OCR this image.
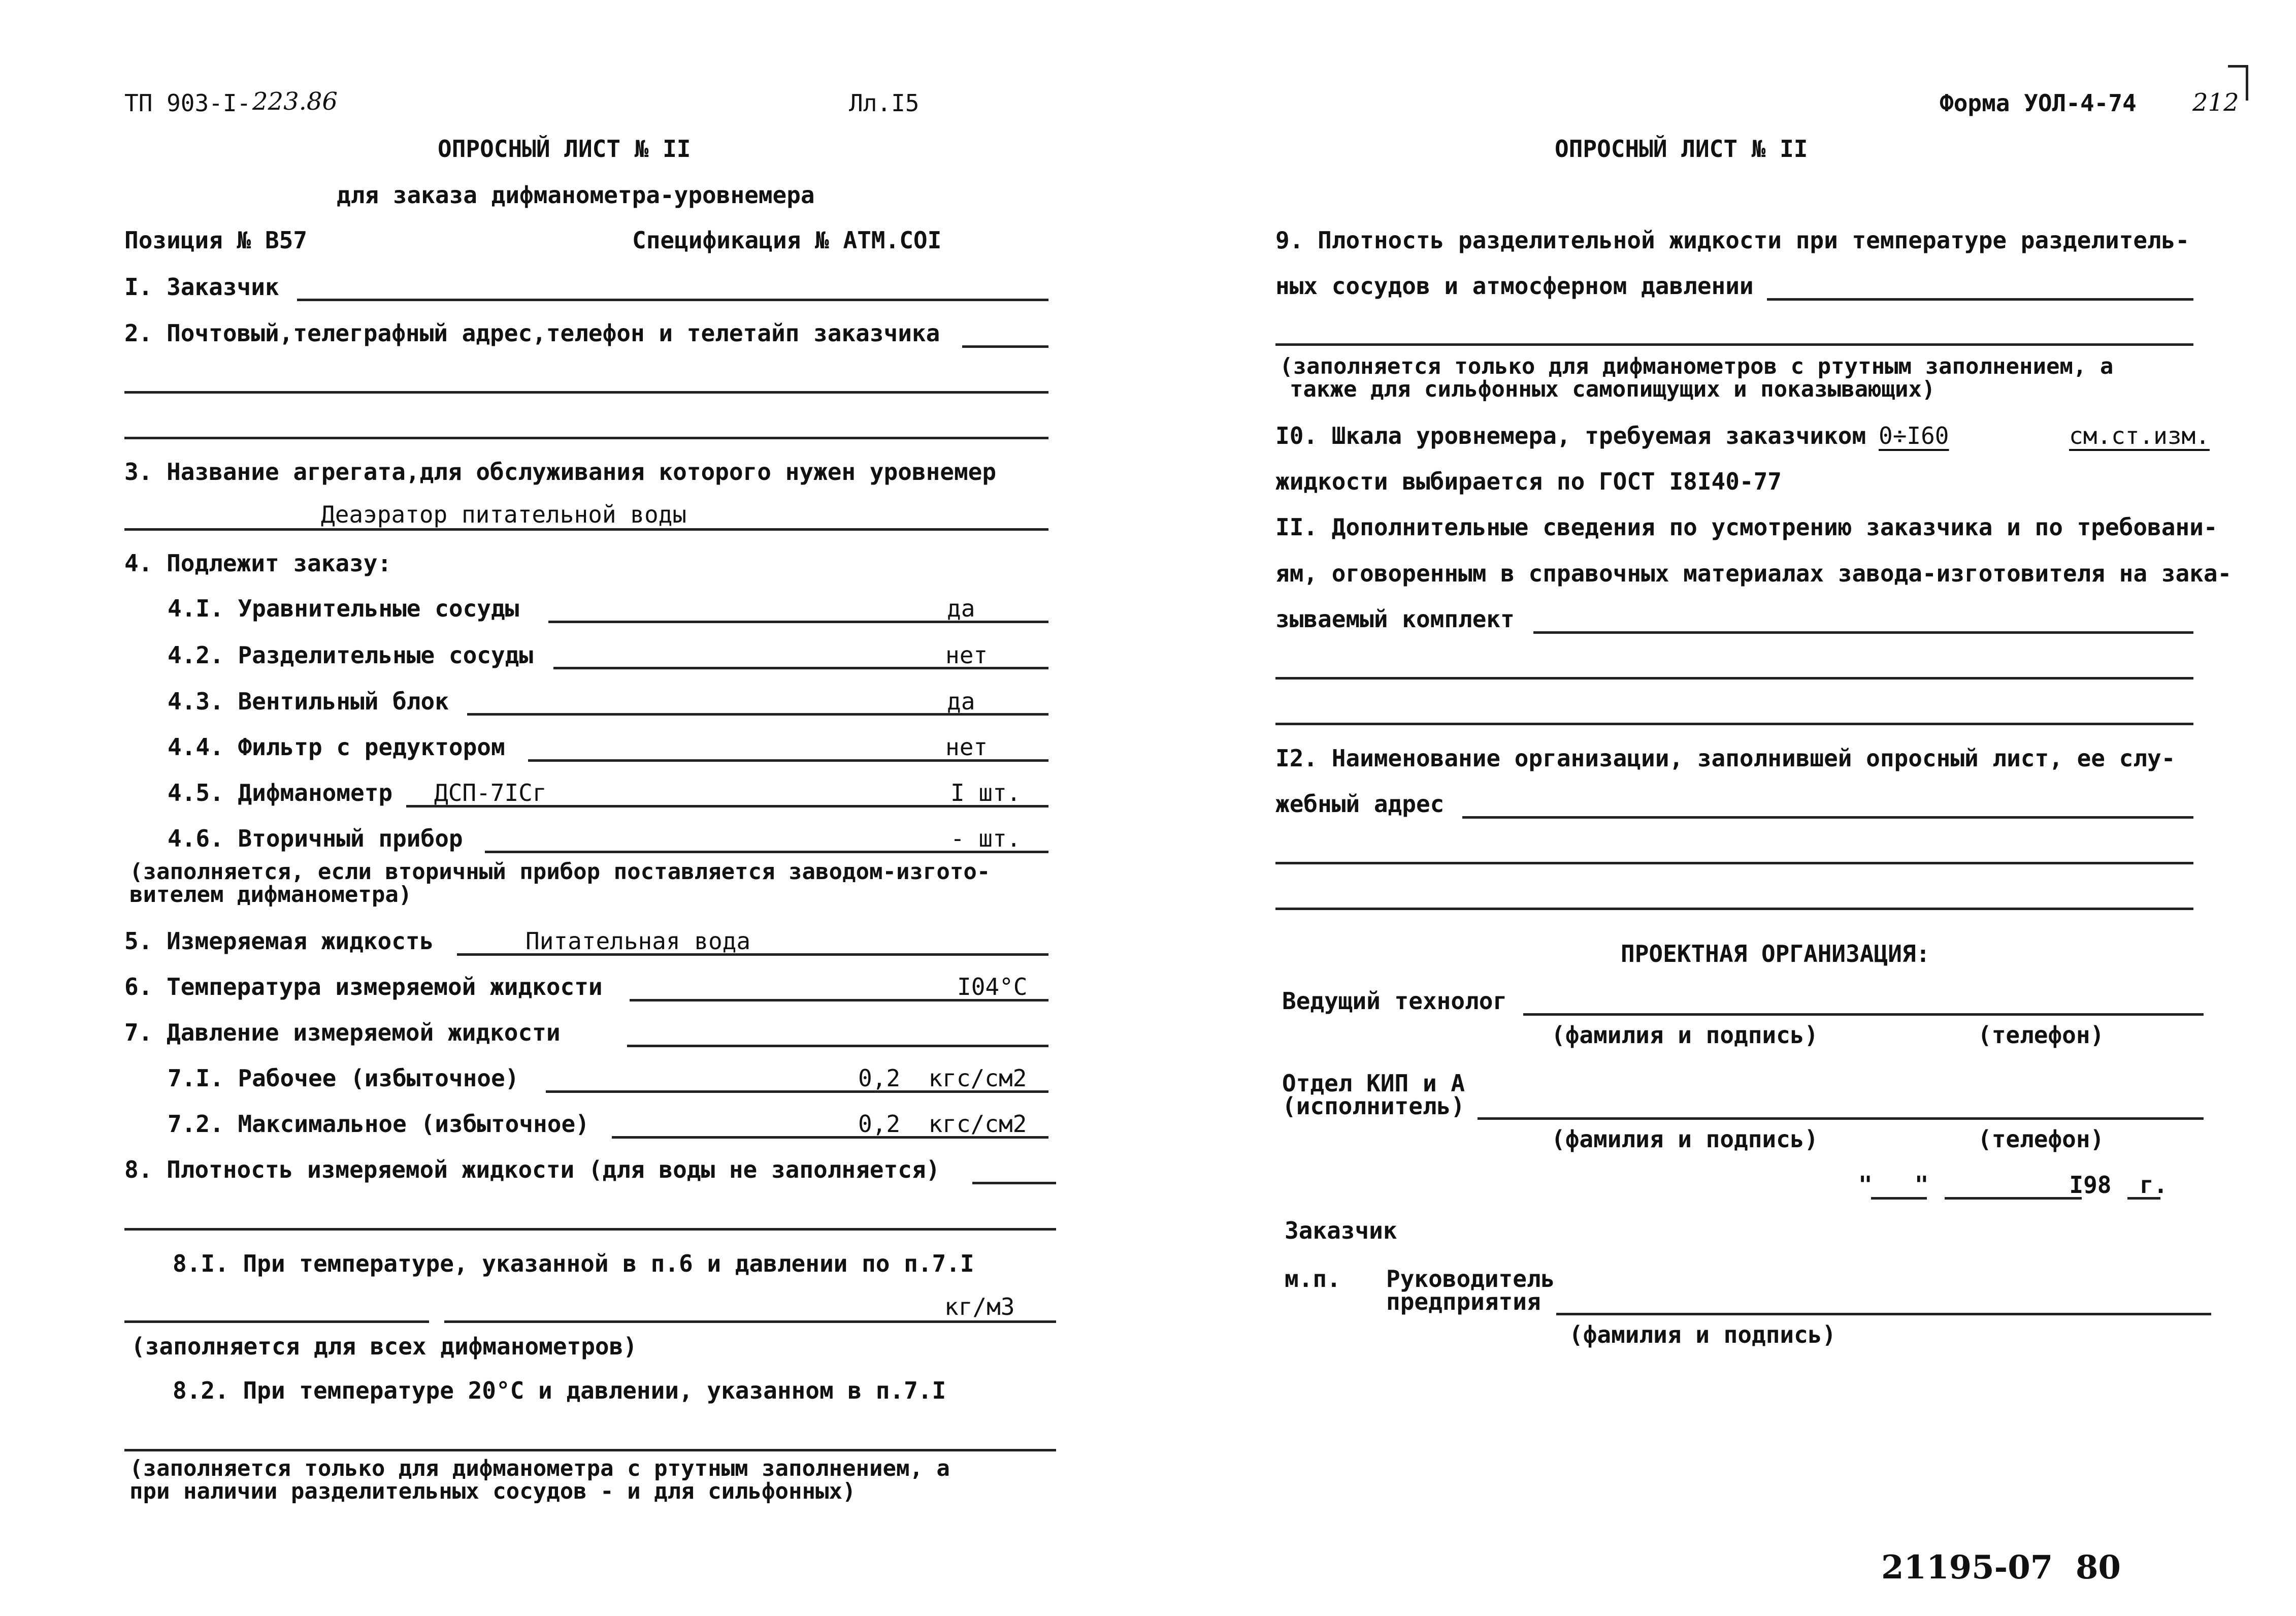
ТП 903-I- 223.86	Лл.I5
ОПРОСНЫЙ ЛИСТ № II
для заказа дифманометра-уровнемера
Позиция № В57	Спецификация № АТМ.СОI
I. Заказчик
2. Почтовый,телеграфный адрес,телефон и телетайп заказчика
3. Название агрегата,для обслуживания которого нужен уровнемер
Деаэратор питательной воды
4. Подлежит заказу:
4.I. Уравнительные сосуды	да
4.2. Разделительные сосуды	нет
4.3. Вентильный блок	да
4.4. Фильтр с редуктором	нет
4.5. Дифманометр ДСП-7IСг	I шт.
4.6. Вторичный прибор	- шт.
(заполняется, если вторичный прибор поставляется заводом-изгото-
вителем дифманометра)
5. Измеряемая жидкость	Питательная вода
6. Температура измеряемой жидкости	I04°С
7. Давление измеряемой жидкости
7.I. Рабочее (избыточное)	0,2  кгс/см2
7.2. Максимальное (избыточное)	0,2  кгс/см2
8. Плотность измеряемой жидкости (для воды не заполняется)
8.I. При температуре, указанной в п.6 и давлении по п.7.I
кг/м3
(заполняется для всех дифманометров)
8.2. При температуре 20°С и давлении, указанном в п.7.I
(заполняется только для дифманометра с ртутным заполнением, а
при наличии разделительных сосудов - и для сильфонных)
Форма УОЛ-4-74 212
ОПРОСНЫЙ ЛИСТ № II
9. Плотность разделительной жидкости при температуре разделитель-
ных сосудов и атмосферном давлении
(заполняется только для дифманометров с ртутным заполнением, а
также для сильфонных самопищущих и показывающих)
I0. Шкала уровнемера, требуемая заказчиком 0÷I60	см.ст.изм.
жидкости выбирается по ГОСТ I8I40-77
II. Дополнительные сведения по усмотрению заказчика и по требовани-
ям, оговоренным в справочных материалах завода-изготовителя на зака-
зываемый комплект
I2. Наименование организации, заполнившей опросный лист, ее слу-
жебный адрес
ПРОЕКТНАЯ ОРГАНИЗАЦИЯ:
Ведущий технолог
(фамилия и подпись)	(телефон)
Отдел КИП и А
(исполнитель)
(фамилия и подпись)	(телефон)
"   "          I98  г.
Заказчик
м.п. Руководитель
предприятия
(фамилия и подпись)
21195-07  80
